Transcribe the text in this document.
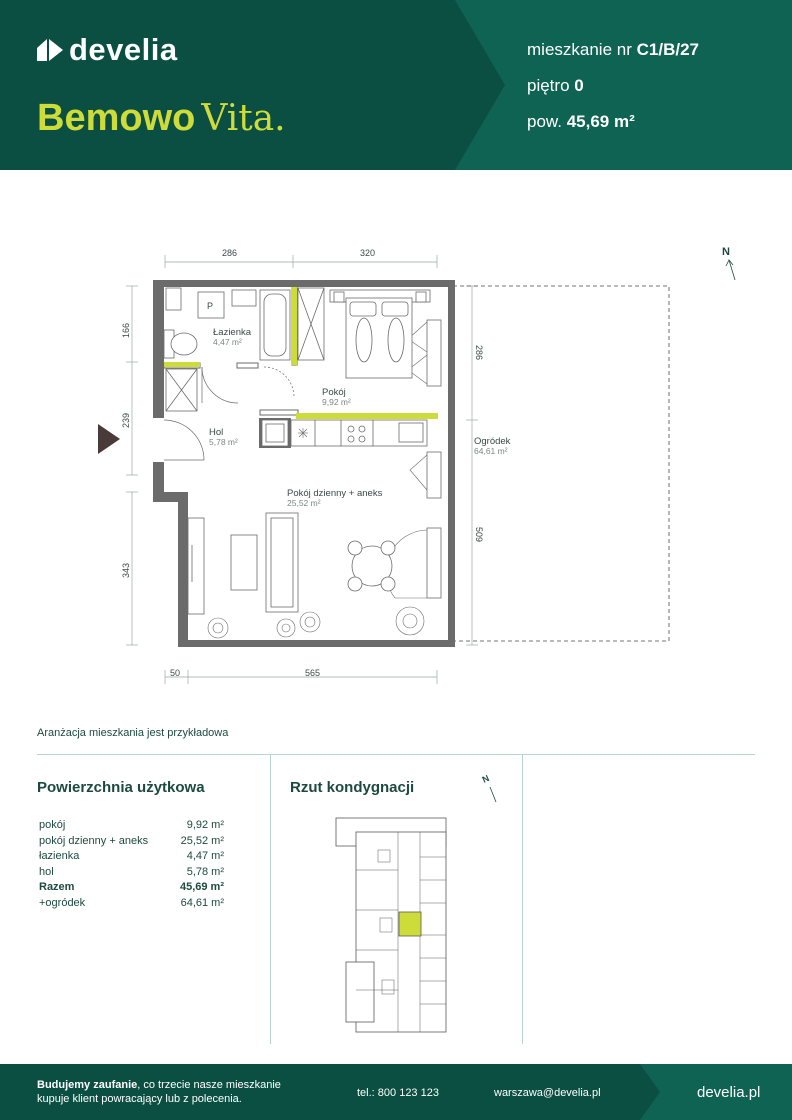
develia
Bemowo Vita.
mieszkanie nr C1/B/27
piętro 0
pow. 45,69 m²
286	320
166
239
343
50	565
286
509
P
N
Łazienka
4,47 m²
Pokój
9,92 m²
Hol
5,78 m²
Pokój dzienny + aneks
25,52 m²
Ogródek
64,61 m²
Aranżacja mieszkania jest przykładowa
Powierzchnia użytkowa
pokój	9,92 m²
pokój dzienny + aneks	25,52 m²
łazienka	4,47 m²
hol	5,78 m²
Razem	45,69 m²
+ogródek	64,61 m²
Rzut kondygnacji
N
Budujemy zaufanie, co trzecie nasze mieszkanie kupuje klient powracający lub z polecenia.	tel.: 800 123 123	warszawa@develia.pl	develia.pl
